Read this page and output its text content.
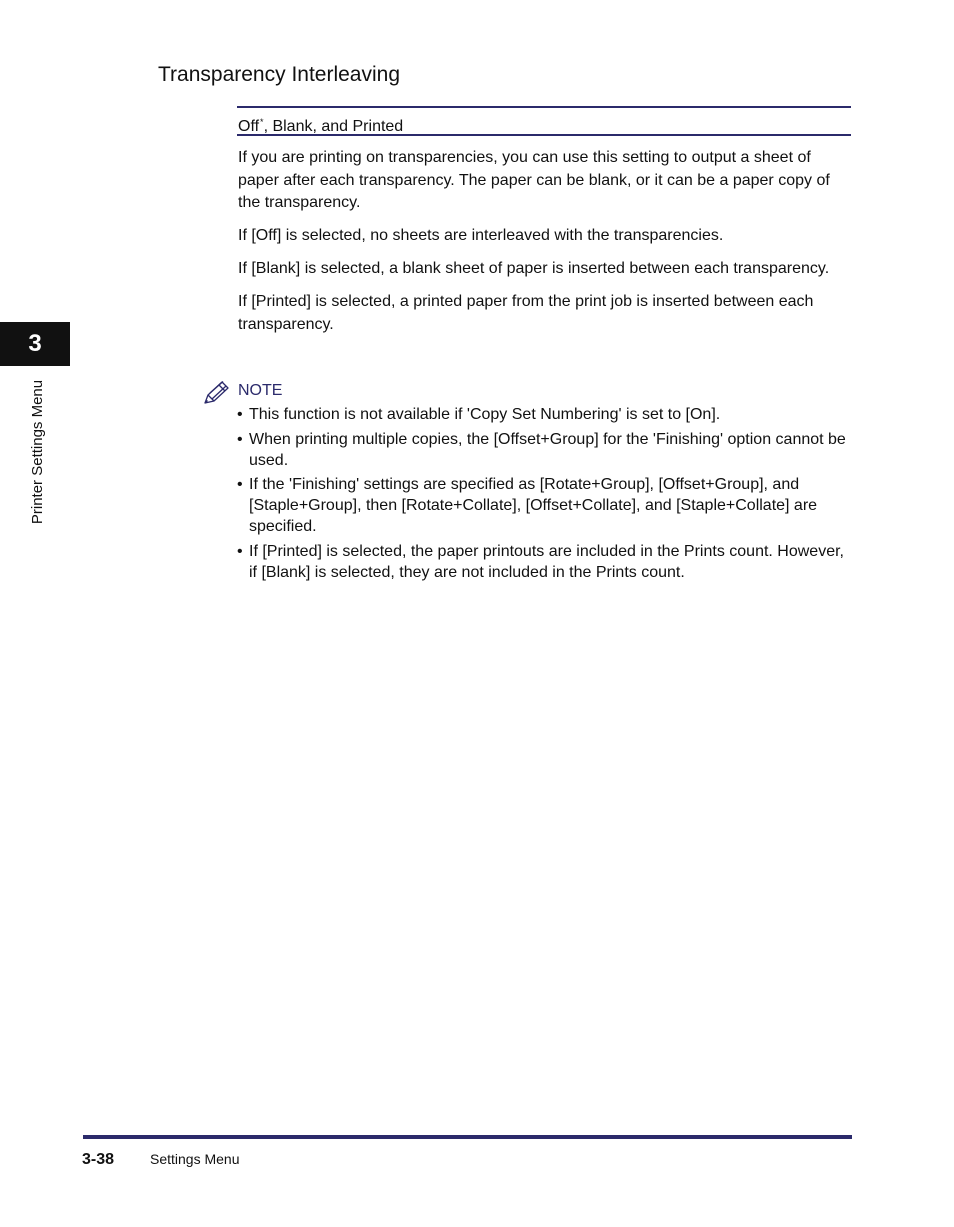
Transparency Interleaving
Off*, Blank, and Printed

If you are printing on transparencies, you can use this setting to output a sheet of paper after each transparency. The paper can be blank, or it can be a paper copy of the transparency.

If [Off] is selected, no sheets are interleaved with the transparencies.

If [Blank] is selected, a blank sheet of paper is inserted between each transparency.

If [Printed] is selected, a printed paper from the print job is inserted between each transparency.

3
Printer Settings Menu	NOTE
• This function is not available if 'Copy Set Numbering' is set to [On].
• When printing multiple copies, the [Offset+Group] for the 'Finishing' option cannot be used.
• If the 'Finishing' settings are specified as [Rotate+Group], [Offset+Group], and [Staple+Group], then [Rotate+Collate], [Offset+Collate], and [Staple+Collate] are specified.
• If [Printed] is selected, the paper printouts are included in the Prints count. However, if [Blank] is selected, they are not included in the Prints count.
3-38	Settings Menu
